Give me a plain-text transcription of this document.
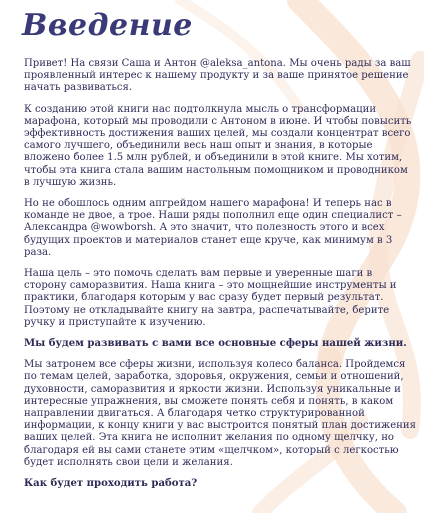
Введение

Привет! На связи Саша и Антон @aleksa_antona. Мы очень рады за ваш проявленный интерес к нашему продукту и за ваше принятое решение начать развиваться.

К созданию этой книги нас подтолкнула мысль о трансформации марафона, который мы проводили с Антоном в июне. И чтобы повысить эффективность достижения ваших целей, мы создали концентрат всего самого лучшего, объединили весь наш опыт и знания, в которые вложено более 1.5 млн рублей, и объединили в этой книге. Мы хотим, чтобы эта книга стала вашим настольным помощником и проводником в лучшую жизнь.

Но не обошлось одним апгрейдом нашего марафона! И теперь нас в команде не двое, а трое. Наши ряды пополнил еще один специалист – Александра @wowborsh. А это значит, что полезность этого и всех будущих проектов и материалов станет еще круче, как минимум в 3 раза.

Наша цель – это помочь сделать вам первые и уверенные шаги в сторону саморазвития. Наша книга – это мощнейшие инструменты и практики, благодаря которым у вас сразу будет первый результат. Поэтому не откладывайте книгу на завтра, распечатывайте, берите ручку и приступайте к изучению.

Мы будем развивать с вами все основные сферы нашей жизни.

Мы затронем все сферы жизни, используя колесо баланса. Пройдемся по темам целей, заработка, здоровья, окружения, семьи и отношений, духовности, саморазвития и яркости жизни. Используя уникальные и интересные упражнения, вы сможете понять себя и понять, в каком направлении двигаться. А благодаря четко структурированной информации, к концу книги у вас выстроится понятый план достижения ваших целей. Эта книга не исполнит желания по одному щелчку, но благодаря ей вы сами станете этим «щелчком», который с легкостью будет исполнять свои цели и желания.

Как будет проходить работа?
